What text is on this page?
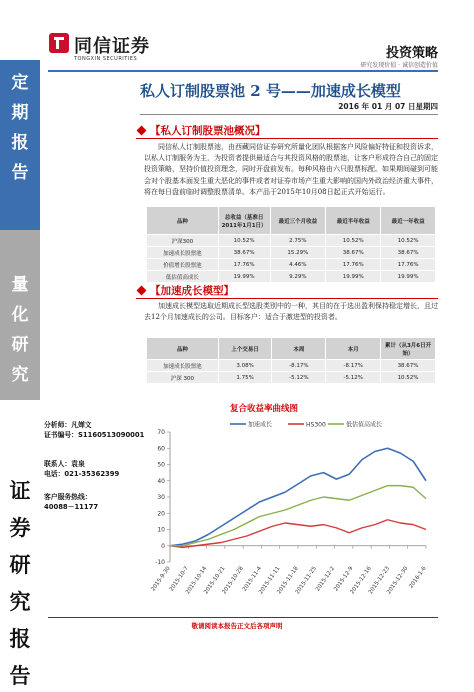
定
期
报
告
量
化
研
究
证
券
研
究
报
告
同信证券
TONGXIN SECURITIES	投资策略
研究发现价值 · 诚信创造价值
私人订制股票池 2 号——加速成长模型
2016 年 01 月 07 日星期四
【私人订制股票池概况】
同信私人订制股票池，由西藏同信证券研究所量化团队根据客户风险偏好特征和投资诉求，以私人订制服务为主，为投资者提供最适合与其投资风格的股票池，让客户形成符合自己的固定投资策略，坚持价值投资理念，同时开盘前发布。每种风格由六只股票标配。如果期间碰到可能会对个股基本面发生重大恶化的事件或者对证券市场产生重大影响的国内外政治经济重大事件，将在每日盘前临时调整股票清单。本产品于2015年10月08日起正式开始运行。
品种	总收益（基准日2011年1月1日）	最近三个月收益	最近半年收益	最近一年收益
沪深300	10.52%	2.75%	10.52%	10.52%
加速成长股票池	38.67%	15.29%	38.67%	38.67%
价值增长股票池	17.76%	4.46%	17.76%	17.76%
低估值高成长	19.99%	9.29%	19.99%	19.99%
【加速成长模型】
加速成长模型选取近期成长型选股类别中的一种，其目的在于选出盈利保持稳定增长，且过去12个月加速成长的公司。目标客户：适合于激进型的投资者。
品种	上个交易日	本周	本月	累计（从3月6日开始）
加速成长股票池	3.08%	-8.17%	-8.17%	38.67%
沪深 300	1.75%	-5.12%	-5.12%	10.52%
分析师：凡婵文
证书编号：S1160513090001
联系人：袁泉
电话：021-35362399
客户服务热线：
40088－11177
复合收益率曲线图
-10
0
10
20
30
40
50
60
70
2015-9-30
2015-10-7
2015-10-14
2015-10-21
2015-10-28
2015-11-4
2015-11-11
2015-11-18
2015-11-25
2015-12-2
2015-12-9
2015-12-16
2015-12-23
2015-12-30 2016-1-6
加速成长	HS300	低估值高成长
敬请阅读本报告正文后各项声明
